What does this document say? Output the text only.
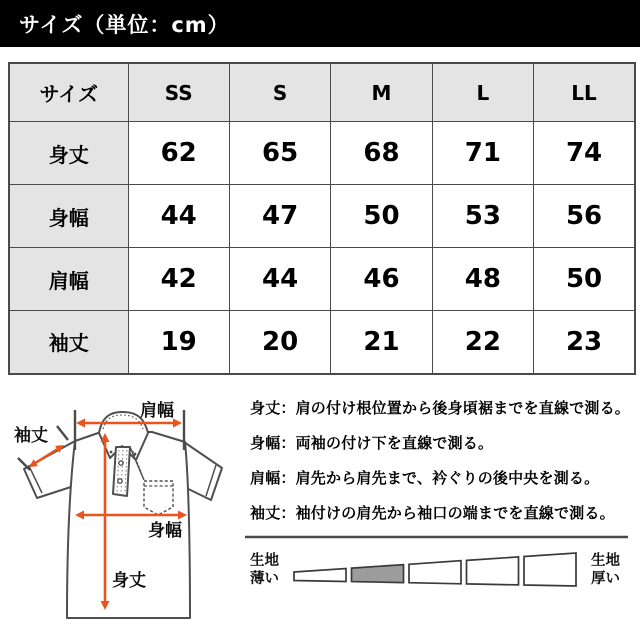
サイズ（単位：cm）
サイズ	SS	S	M	L	LL
身丈	62	65	68	71	74
身幅	44	47	50	53	56
肩幅	42	44	46	48	50
袖丈	19	20	21	22	23
肩幅
袖丈
身幅
身丈
身丈：肩の付け根位置から後身頃裾までを直線で測る。
身幅：両袖の付け下を直線で測る。
肩幅：肩先から肩先まで、衿ぐりの後中央を測る。
袖丈：袖付けの肩先から袖口の端までを直線で測る。
生地
薄い
生地
厚い
